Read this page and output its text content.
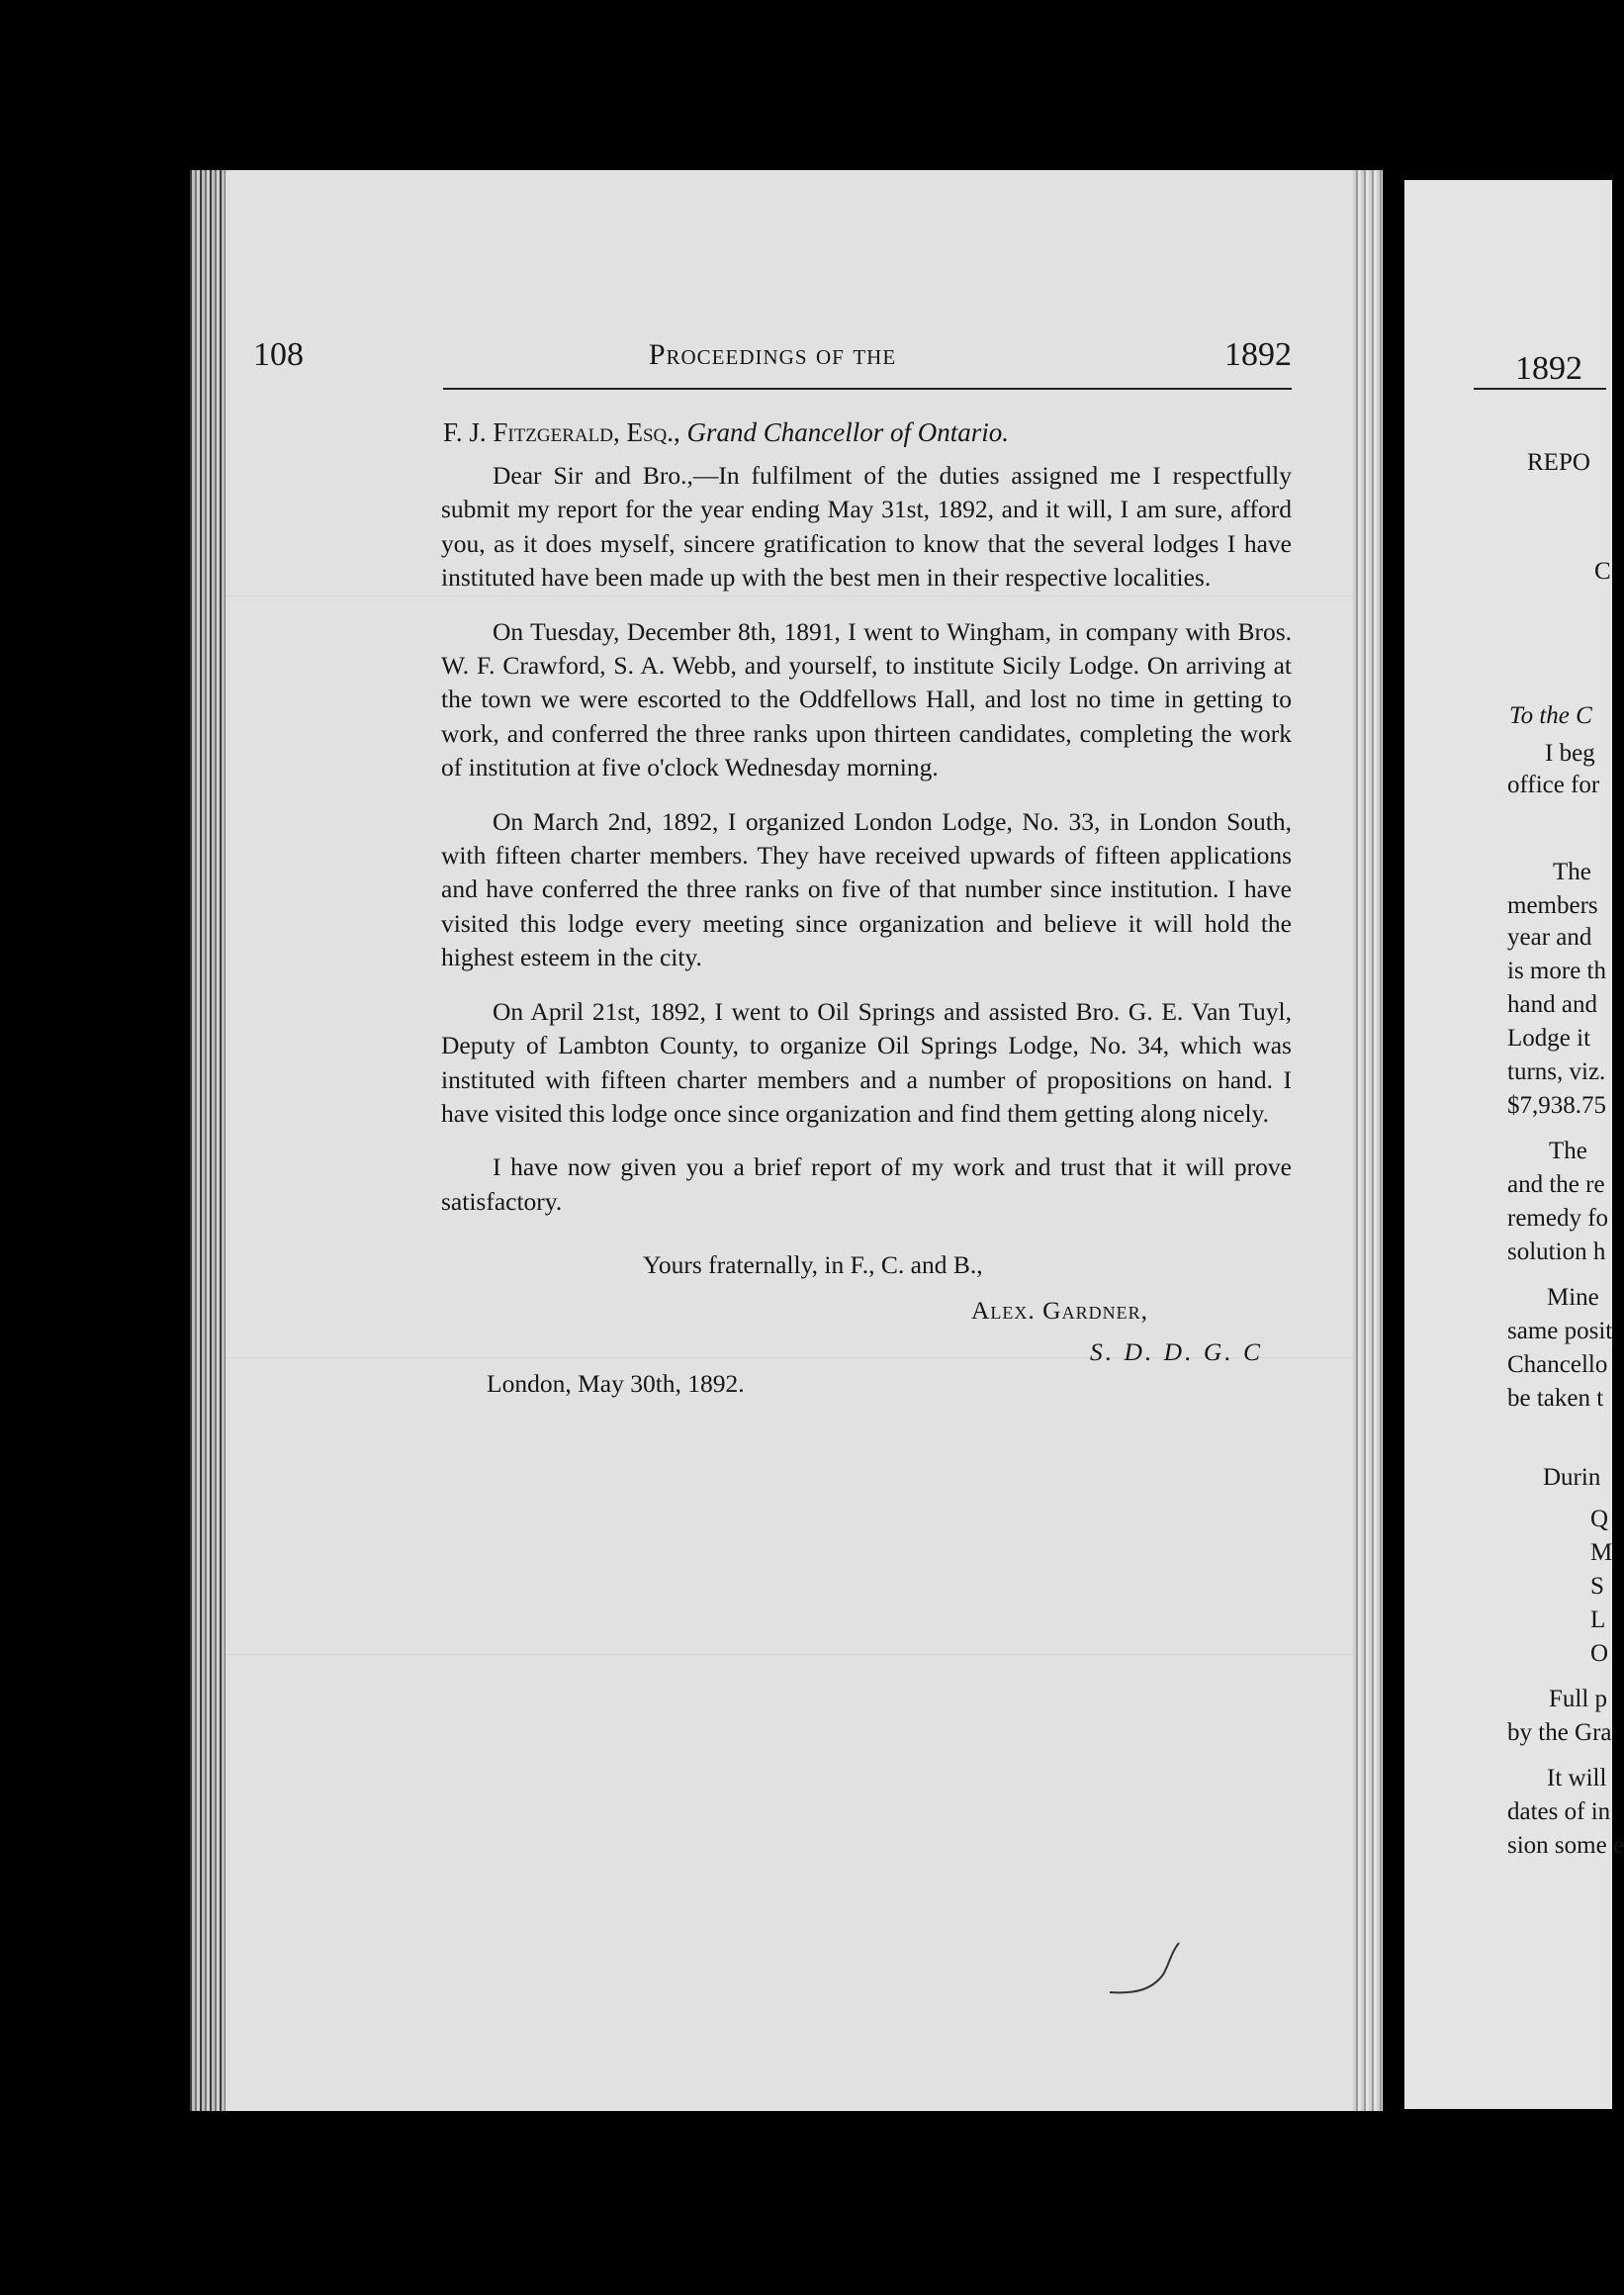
108	Proceedings of the	1892
F. J. Fitzgerald, Esq., Grand Chancellor of Ontario.

Dear Sir and Bro.,—In fulfilment of the duties assigned me I respectfully submit my report for the year ending May 31st, 1892, and it will, I am sure, afford you, as it does myself, sincere gratification to know that the several lodges I have instituted have been made up with the best men in their respective localities.

On Tuesday, December 8th, 1891, I went to Wingham, in company with Bros. W. F. Crawford, S. A. Webb, and yourself, to institute Sicily Lodge. On arriving at the town we were escorted to the Oddfellows Hall, and lost no time in getting to work, and conferred the three ranks upon thirteen candidates, completing the work of institution at five o'clock Wednesday morning.

On March 2nd, 1892, I organized London Lodge, No. 33, in London South, with fifteen charter members. They have received upwards of fifteen applications and have conferred the three ranks on five of that number since institution. I have visited this lodge every meeting since organization and believe it will hold the highest esteem in the city.

On April 21st, 1892, I went to Oil Springs and assisted Bro. G. E. Van Tuyl, Deputy of Lambton County, to organize Oil Springs Lodge, No. 34, which was instituted with fifteen charter members and a number of propositions on hand. I have visited this lodge once since organization and find them getting along nicely.

I have now given you a brief report of my work and trust that it will prove satisfactory.

Yours fraternally, in F., C. and B.,
Alex. Gardner,
S. D. D. G. C
London, May 30th, 1892.
1892
REPO
C
To the C
I beg
office for
The
members
year and
is more th
hand and
Lodge it
turns, viz.
$7,938.75
The
and the re
remedy fo
solution h
Mine
same posit
Chancello
be taken t
Durin
Q
M
S
L
O
Full p
by the Gra
It will
dates of in
sion some e
